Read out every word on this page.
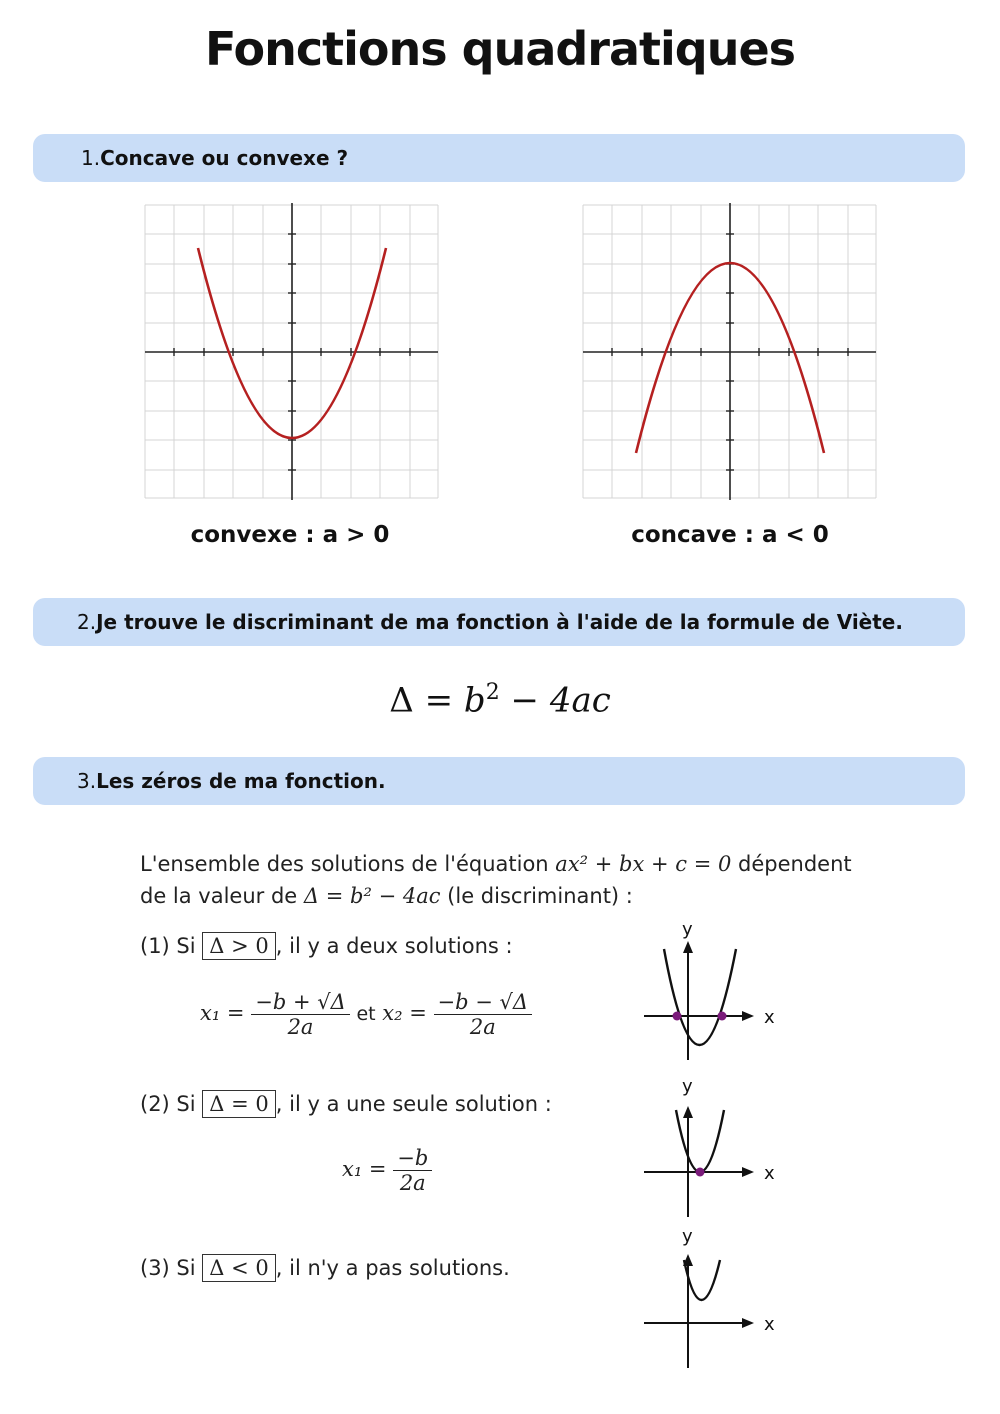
Fonctions quadratiques
1.Concave ou convexe ?
convexe : a > 0	concave : a < 0
2.Je trouve le discriminant de ma fonction à l'aide de la formule de Viète.
$\Delta = b^2 - 4ac$
3.Les zéros de ma fonction.
L'ensemble des solutions de l'équation ax² + bx + c = 0 dépendent
de la valeur de Δ = b² − 4ac (le discriminant) :
(1) Si Δ > 0 , il y a deux solutions :
$x_1 = \frac{-b + √\Delta}{2a}$ et $x_2 = \frac{-b - √\Delta}{2a}$
(2) Si Δ = 0 , il y a une seule solution :
$x_1 = \frac{-b}{2a}$
(3) Si Δ < 0 , il n'y a pas solutions.
y
x
y
x
y
x
